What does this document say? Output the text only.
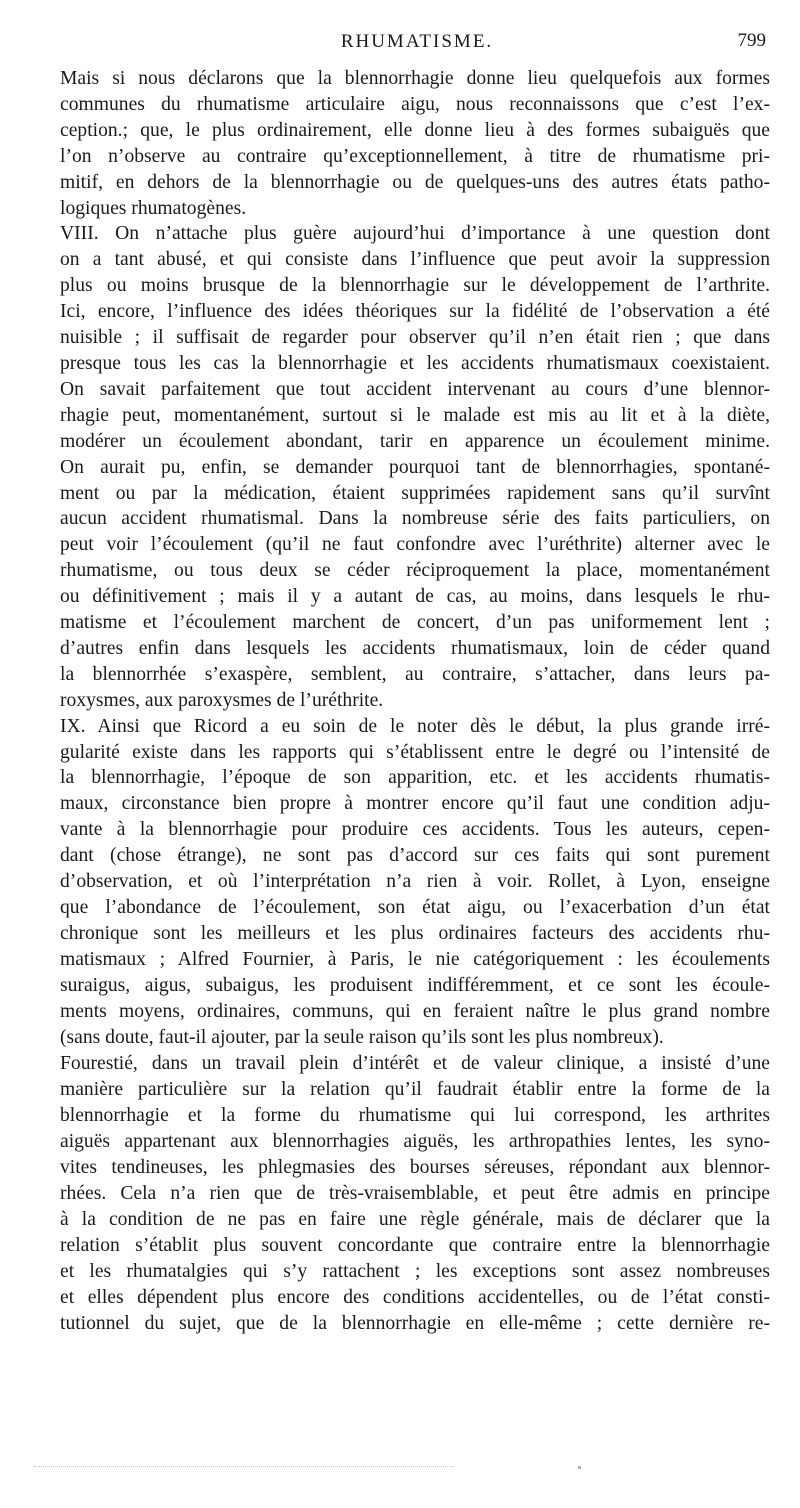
RHUMATISME.	799

Mais si nous déclarons que la blennorrhagie donne lieu quelquefois aux formes
communes du rhumatisme articulaire aigu, nous reconnaissons que c’est l’ex-
ception.; que, le plus ordinairement, elle donne lieu à des formes subaiguës que
l’on n’observe au contraire qu’exceptionnellement, à titre de rhumatisme pri-
mitif, en dehors de la blennorrhagie ou de quelques-uns des autres états patho-
logiques rhumatogènes.

VIII. On n’attache plus guère aujourd’hui d’importance à une question dont
on a tant abusé, et qui consiste dans l’influence que peut avoir la suppression
plus ou moins brusque de la blennorrhagie sur le développement de l’arthrite.
Ici, encore, l’influence des idées théoriques sur la fidélité de l’observation a été
nuisible ; il suffisait de regarder pour observer qu’il n’en était rien ; que dans
presque tous les cas la blennorrhagie et les accidents rhumatismaux coexistaient.
On savait parfaitement que tout accident intervenant au cours d’une blennor-
rhagie peut, momentanément, surtout si le malade est mis au lit et à la diète,
modérer un écoulement abondant, tarir en apparence un écoulement minime.
On aurait pu, enfin, se demander pourquoi tant de blennorrhagies, spontané-
ment ou par la médication, étaient supprimées rapidement sans qu’il survînt
aucun accident rhumatismal. Dans la nombreuse série des faits particuliers, on
peut voir l’écoulement (qu’il ne faut confondre avec l’uréthrite) alterner avec le
rhumatisme, ou tous deux se céder réciproquement la place, momentanément
ou définitivement ; mais il y a autant de cas, au moins, dans lesquels le rhu-
matisme et l’écoulement marchent de concert, d’un pas uniformement lent ;
d’autres enfin dans lesquels les accidents rhumatismaux, loin de céder quand
la blennorrhée s’exaspère, semblent, au contraire, s’attacher, dans leurs pa-
roxysmes, aux paroxysmes de l’uréthrite.

IX. Ainsi que Ricord a eu soin de le noter dès le début, la plus grande irré-
gularité existe dans les rapports qui s’établissent entre le degré ou l’intensité de
la blennorrhagie, l’époque de son apparition, etc. et les accidents rhumatis-
maux, circonstance bien propre à montrer encore qu’il faut une condition adju-
vante à la blennorrhagie pour produire ces accidents. Tous les auteurs, cepen-
dant (chose étrange), ne sont pas d’accord sur ces faits qui sont purement
d’observation, et où l’interprétation n’a rien à voir. Rollet, à Lyon, enseigne
que l’abondance de l’écoulement, son état aigu, ou l’exacerbation d’un état
chronique sont les meilleurs et les plus ordinaires facteurs des accidents rhu-
matismaux ; Alfred Fournier, à Paris, le nie catégoriquement : les écoulements
suraigus, aigus, subaigus, les produisent indifféremment, et ce sont les écoule-
ments moyens, ordinaires, communs, qui en feraient naître le plus grand nombre
(sans doute, faut-il ajouter, par la seule raison qu’ils sont les plus nombreux).

Fourestié, dans un travail plein d’intérêt et de valeur clinique, a insisté d’une
manière particulière sur la relation qu’il faudrait établir entre la forme de la
blennorrhagie et la forme du rhumatisme qui lui correspond, les arthrites
aiguës appartenant aux blennorrhagies aiguës, les arthropathies lentes, les syno-
vites tendineuses, les phlegmasies des bourses séreuses, répondant aux blennor-
rhées. Cela n’a rien que de très-vraisemblable, et peut être admis en principe
à la condition de ne pas en faire une règle générale, mais de déclarer que la
relation s’établit plus souvent concordante que contraire entre la blennorrhagie
et les rhumatalgies qui s’y rattachent ; les exceptions sont assez nombreuses
et elles dépendent plus encore des conditions accidentelles, ou de l’état consti-
tutionnel du sujet, que de la blennorrhagie en elle-même ; cette dernière re-
